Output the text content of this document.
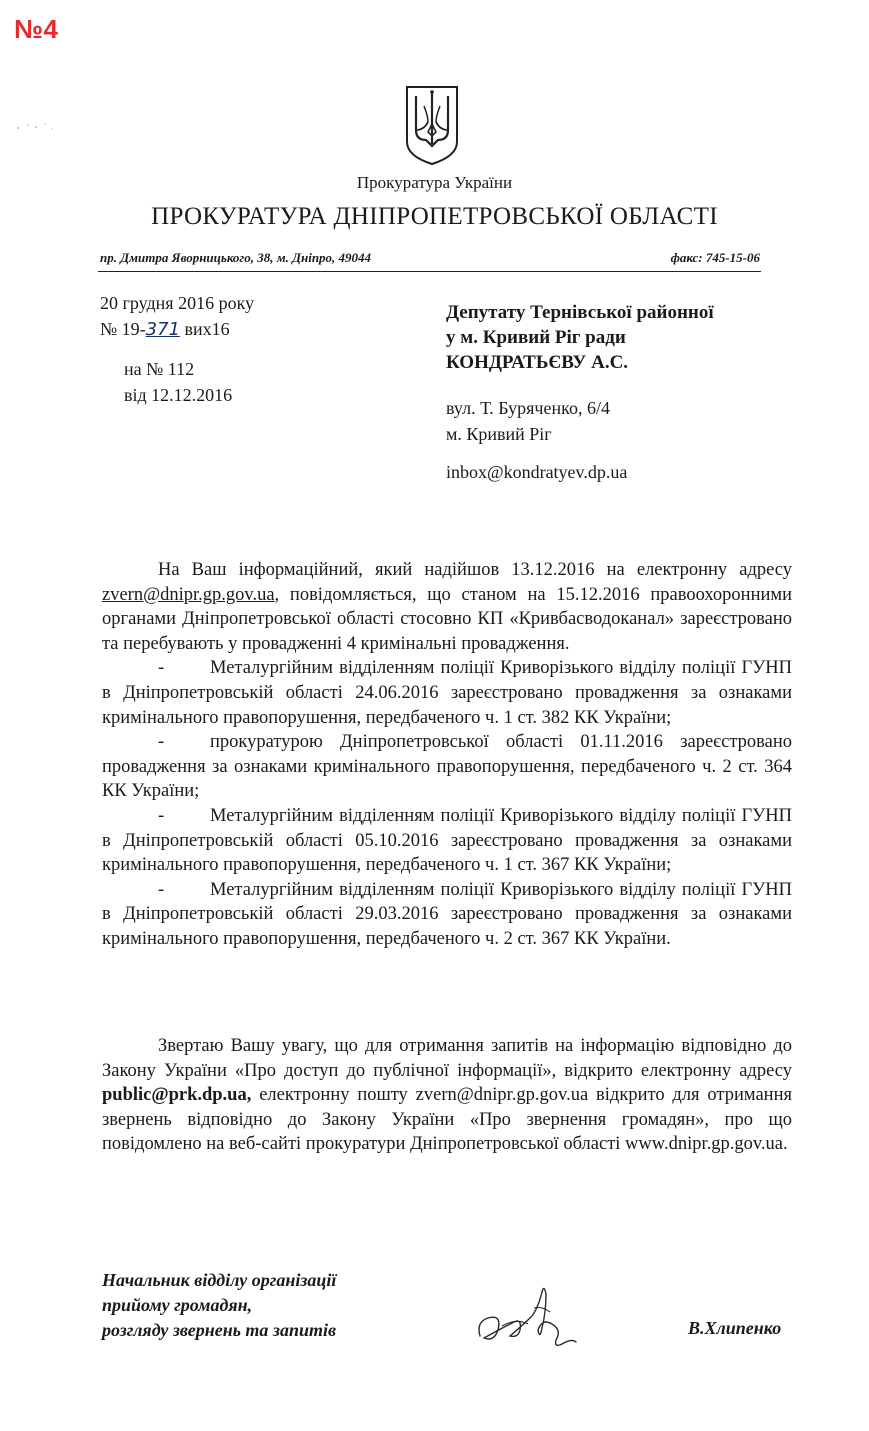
№4
Прокуратура України
ПРОКУРАТУРА ДНІПРОПЕТРОВСЬКОЇ ОБЛАСТІ
пр. Дмитра Яворницького, 38, м. Дніпро, 49044	факс: 745-15-06
20 грудня 2016 року
№ 19-371 вих16
на № 112
від 12.12.2016
Депутату Тернівської районної
у м. Кривий Ріг ради
КОНДРАТЬЄВУ А.С.
вул. Т. Буряченко, 6/4
м. Кривий Ріг
inbox@kondratyev.dp.ua

На Ваш інформаційний, який надійшов 13.12.2016 на електронну адресу zvern@dnipr.gp.gov.ua, повідомляється, що станом на 15.12.2016 правоохоронними органами Дніпропетровської області стосовно КП «Кривбасводоканал» зареєстровано та перебувають у провадженні 4 кримінальні провадження.

- Металургійним відділенням поліції Криворізького відділу поліції ГУНП в Дніпропетровській області 24.06.2016 зареєстровано провадження за ознаками кримінального правопорушення, передбаченого ч. 1 ст. 382 КК України;

- прокуратурою Дніпропетровської області 01.11.2016 зареєстровано провадження за ознаками кримінального правопорушення, передбаченого ч. 2 ст. 364 КК України;

- Металургійним відділенням поліції Криворізького відділу поліції ГУНП в Дніпропетровській області 05.10.2016 зареєстровано провадження за ознаками кримінального правопорушення, передбаченого ч. 1 ст. 367 КК України;

- Металургійним відділенням поліції Криворізького відділу поліції ГУНП в Дніпропетровській області 29.03.2016 зареєстровано провадження за ознаками кримінального правопорушення, передбаченого ч. 2 ст. 367 КК України.

Звертаю Вашу увагу, що для отримання запитів на інформацію відповідно до Закону України «Про доступ до публічної інформації», відкрито електронну адресу public@prk.dp.ua, електронну пошту zvern@dnipr.gp.gov.ua відкрито для отримання звернень відповідно до Закону України «Про звернення громадян», про що повідомлено на веб-сайті прокуратури Дніпропетровської області www.dnipr.gp.gov.ua.

Начальник відділу організації
прийому громадян,
розгляду звернень та запитів	В.Хлипенко
